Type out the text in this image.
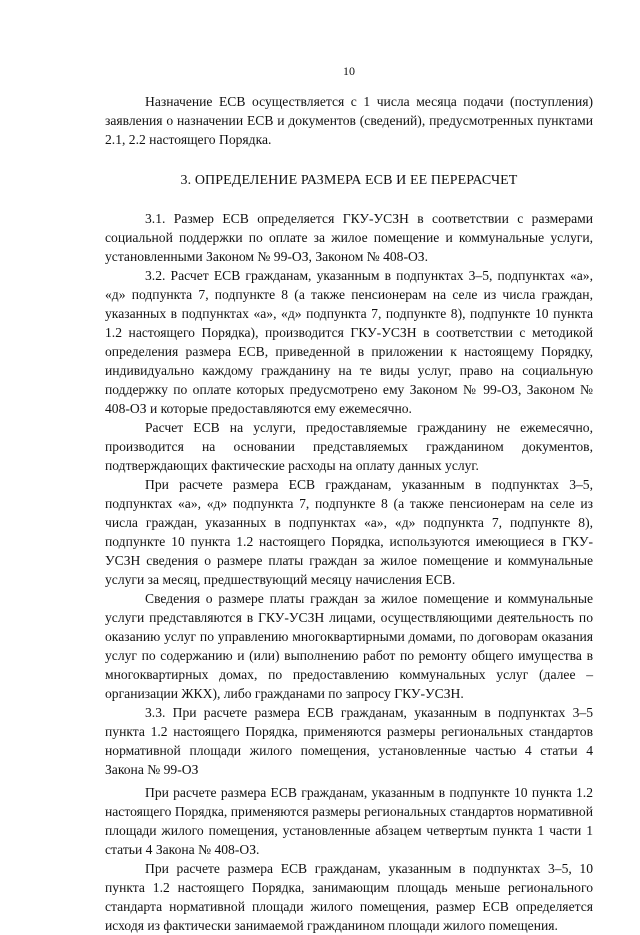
10

Назначение ЕСВ осуществляется с 1 числа месяца подачи (поступления) заявления о назначении ЕСВ и документов (сведений), предусмотренных пунктами 2.1, 2.2 настоящего Порядка.

3. ОПРЕДЕЛЕНИЕ РАЗМЕРА ЕСВ И ЕЕ ПЕРЕРАСЧЕТ

3.1. Размер ЕСВ определяется ГКУ-УСЗН в соответствии с размерами социальной поддержки по оплате за жилое помещение и коммунальные услуги, установленными Законом № 99-ОЗ, Законом № 408-ОЗ.

3.2. Расчет ЕСВ гражданам, указанным в подпунктах 3–5, подпунктах «а», «д» подпункта 7, подпункте 8 (а также пенсионерам на селе из числа граждан, указанных в подпунктах «а», «д» подпункта 7, подпункте 8), подпункте 10 пункта 1.2 настоящего Порядка), производится ГКУ-УСЗН в соответствии с методикой определения размера ЕСВ, приведенной в приложении к настоящему Порядку, индивидуально каждому гражданину на те виды услуг, право на социальную поддержку по оплате которых предусмотрено ему Законом № 99-ОЗ, Законом № 408-ОЗ и которые предоставляются ему ежемесячно.

Расчет ЕСВ на услуги, предоставляемые гражданину не ежемесячно, производится на основании представляемых гражданином документов, подтверждающих фактические расходы на оплату данных услуг.

При расчете размера ЕСВ гражданам, указанным в подпунктах 3–5, подпунктах «а», «д» подпункта 7, подпункте 8 (а также пенсионерам на селе из числа граждан, указанных в подпунктах «а», «д» подпункта 7, подпункте 8), подпункте 10 пункта 1.2 настоящего Порядка, используются имеющиеся в ГКУ-УСЗН сведения о размере платы граждан за жилое помещение и коммунальные услуги за месяц, предшествующий месяцу начисления ЕСВ.

Сведения о размере платы граждан за жилое помещение и коммунальные услуги представляются в ГКУ-УСЗН лицами, осуществляющими деятельность по оказанию услуг по управлению многоквартирными домами, по договорам оказания услуг по содержанию и (или) выполнению работ по ремонту общего имущества в многоквартирных домах, по предоставлению коммунальных услуг (далее – организации ЖКХ), либо гражданами по запросу ГКУ-УСЗН.

3.3. При расчете размера ЕСВ гражданам, указанным в подпунктах 3–5 пункта 1.2 настоящего Порядка, применяются размеры региональных стандартов нормативной площади жилого помещения, установленные частью 4 статьи 4 Закона № 99-ОЗ

При расчете размера ЕСВ гражданам, указанным в подпункте 10 пункта 1.2 настоящего Порядка, применяются размеры региональных стандартов нормативной площади жилого помещения, установленные абзацем четвертым пункта 1 части 1 статьи 4 Закона № 408-ОЗ.

При расчете размера ЕСВ гражданам, указанным в подпунктах 3–5, 10 пункта 1.2 настоящего Порядка, занимающим площадь меньше регионального стандарта нормативной площади жилого помещения, размер ЕСВ определяется исходя из фактически занимаемой гражданином площади жилого помещения.
